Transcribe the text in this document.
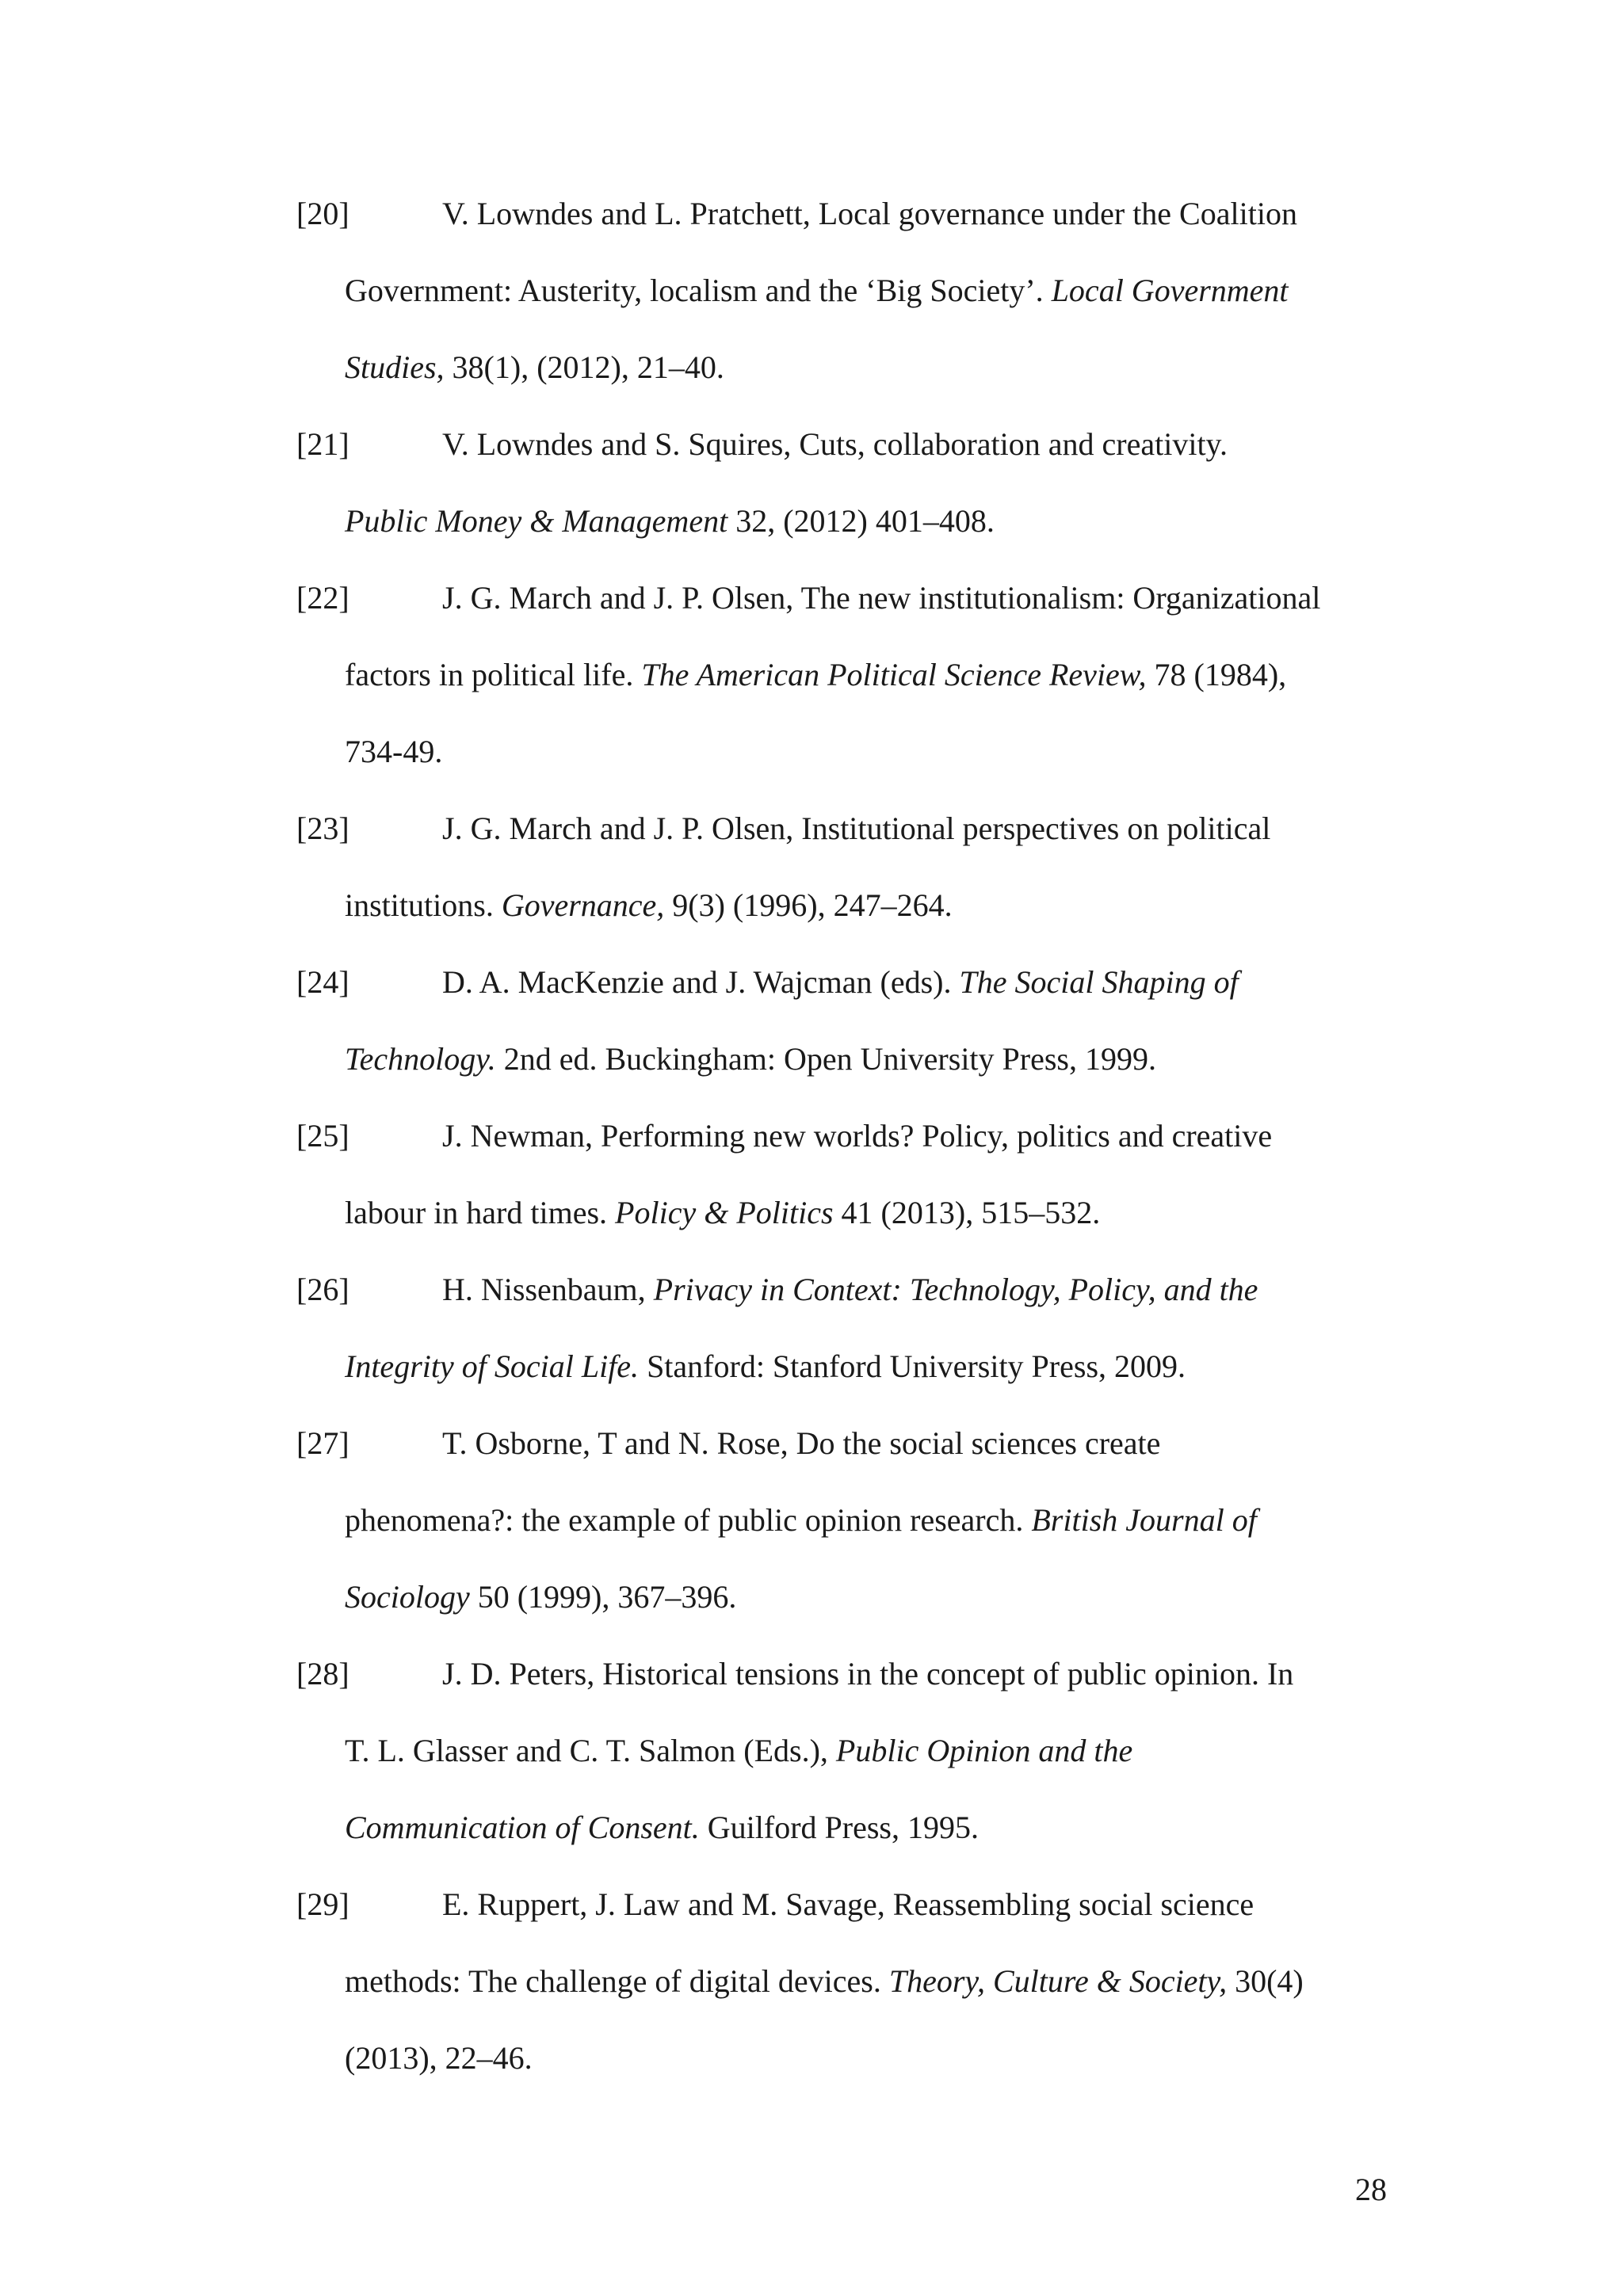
[20]	V. Lowndes and L. Pratchett, Local governance under the Coalition
Government: Austerity, localism and the ‘Big Society’. Local Government
Studies, 38(1), (2012), 21–40.
[21]	V. Lowndes and S. Squires, Cuts, collaboration and creativity.
Public Money & Management 32, (2012) 401–408.
[22]	J. G. March and J. P. Olsen, The new institutionalism: Organizational
factors in political life. The American Political Science Review, 78 (1984),
734-49.
[23]	J. G. March and J. P. Olsen, Institutional perspectives on political
institutions. Governance, 9(3) (1996), 247–264.
[24]	D. A. MacKenzie and J. Wajcman (eds). The Social Shaping of
Technology. 2nd ed. Buckingham: Open University Press, 1999.
[25]	J. Newman, Performing new worlds? Policy, politics and creative
labour in hard times. Policy & Politics 41 (2013), 515–532.
[26]	H. Nissenbaum, Privacy in Context: Technology, Policy, and the
Integrity of Social Life. Stanford: Stanford University Press, 2009.
[27]	T. Osborne, T and N. Rose, Do the social sciences create
phenomena?: the example of public opinion research. British Journal of
Sociology 50 (1999), 367–396.
[28]	J. D. Peters, Historical tensions in the concept of public opinion. In
T. L. Glasser and C. T. Salmon (Eds.), Public Opinion and the
Communication of Consent. Guilford Press, 1995.
[29]	E. Ruppert, J. Law and M. Savage, Reassembling social science
methods: The challenge of digital devices. Theory, Culture & Society, 30(4)
(2013), 22–46.
28
